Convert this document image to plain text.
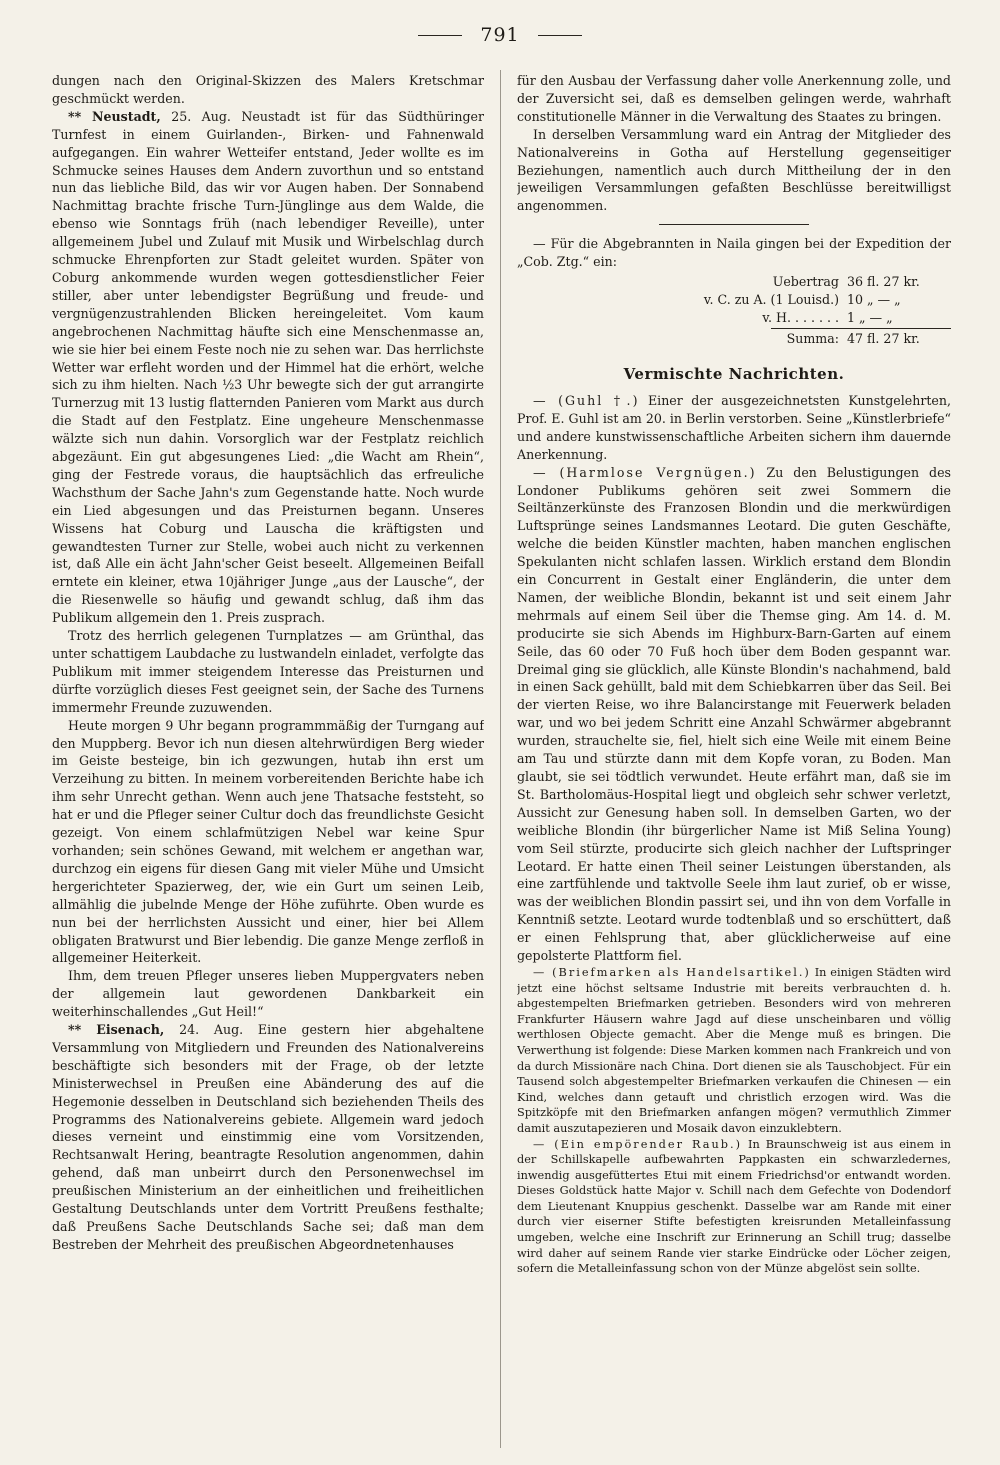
791

dungen nach den Original-Skizzen des Malers Kretschmar geschmückt werden.

** Neustadt, 25. Aug. Neustadt ist für das Südthüringer Turnfest in einem Guirlanden-, Birken- und Fahnenwald aufgegangen. Ein wahrer Wetteifer entstand, Jeder wollte es im Schmucke seines Hauses dem Andern zuvorthun und so entstand nun das liebliche Bild, das wir vor Augen haben. Der Sonnabend Nachmittag brachte frische Turn-Jünglinge aus dem Walde, die ebenso wie Sonntags früh (nach lebendiger Reveille), unter allgemeinem Jubel und Zulauf mit Musik und Wirbelschlag durch schmucke Ehrenpforten zur Stadt geleitet wurden. Später von Coburg ankommende wurden wegen gottesdienstlicher Feier stiller, aber unter lebendigster Begrüßung und freude- und vergnügenzustrahlenden Blicken hereingeleitet. Vom kaum angebrochenen Nachmittag häufte sich eine Menschenmasse an, wie sie hier bei einem Feste noch nie zu sehen war. Das herrlichste Wetter war erfleht worden und der Himmel hat die erhört, welche sich zu ihm hielten. Nach ½3 Uhr bewegte sich der gut arrangirte Turnerzug mit 13 lustig flatternden Panieren vom Markt aus durch die Stadt auf den Festplatz. Eine ungeheure Menschenmasse wälzte sich nun dahin. Vorsorglich war der Festplatz reichlich abgezäunt. Ein gut abgesungenes Lied: „die Wacht am Rhein“, ging der Festrede voraus, die hauptsächlich das erfreuliche Wachsthum der Sache Jahn's zum Gegenstande hatte. Noch wurde ein Lied abgesungen und das Preisturnen begann. Unseres Wissens hat Coburg und Lauscha die kräftigsten und gewandtesten Turner zur Stelle, wobei auch nicht zu verkennen ist, daß Alle ein ächt Jahn'scher Geist beseelt. Allgemeinen Beifall erntete ein kleiner, etwa 10jähriger Junge „aus der Lausche“, der die Riesenwelle so häufig und gewandt schlug, daß ihm das Publikum allgemein den 1. Preis zusprach.

Trotz des herrlich gelegenen Turnplatzes — am Grünthal, das unter schattigem Laubdache zu lustwandeln einladet, verfolgte das Publikum mit immer steigendem Interesse das Preisturnen und dürfte vorzüglich dieses Fest geeignet sein, der Sache des Turnens immermehr Freunde zuzuwenden.

Heute morgen 9 Uhr begann programmmäßig der Turngang auf den Muppberg. Bevor ich nun diesen altehrwürdigen Berg wieder im Geiste besteige, bin ich gezwungen, hutab ihn erst um Verzeihung zu bitten. In meinem vorbereitenden Berichte habe ich ihm sehr Unrecht gethan. Wenn auch jene Thatsache feststeht, so hat er und die Pfleger seiner Cultur doch das freundlichste Gesicht gezeigt. Von einem schlafmützigen Nebel war keine Spur vorhanden; sein schönes Gewand, mit welchem er angethan war, durchzog ein eigens für diesen Gang mit vieler Mühe und Umsicht hergerichteter Spazierweg, der, wie ein Gurt um seinen Leib, allmählig die jubelnde Menge der Höhe zuführte. Oben wurde es nun bei der herrlichsten Aussicht und einer, hier bei Allem obligaten Bratwurst und Bier lebendig. Die ganze Menge zerfloß in allgemeiner Heiterkeit.

Ihm, dem treuen Pfleger unseres lieben Muppergvaters neben der allgemein laut gewordenen Dankbarkeit ein weiterhinschallendes „Gut Heil!“

** Eisenach, 24. Aug. Eine gestern hier abgehaltene Versammlung von Mitgliedern und Freunden des Nationalvereins beschäftigte sich besonders mit der Frage, ob der letzte Ministerwechsel in Preußen eine Abänderung des auf die Hegemonie desselben in Deutschland sich beziehenden Theils des Programms des Nationalvereins gebiete. Allgemein ward jedoch dieses verneint und einstimmig eine vom Vorsitzenden, Rechtsanwalt Hering, beantragte Resolution angenommen, dahin gehend, daß man unbeirrt durch den Personenwechsel im preußischen Ministerium an der einheitlichen und freiheitlichen Gestaltung Deutschlands unter dem Vortritt Preußens festhalte; daß Preußens Sache Deutschlands Sache sei; daß man dem Bestreben der Mehrheit des preußischen Abgeordnetenhauses

für den Ausbau der Verfassung daher volle Anerkennung zolle, und der Zuversicht sei, daß es demselben gelingen werde, wahrhaft constitutionelle Männer in die Verwaltung des Staates zu bringen.

In derselben Versammlung ward ein Antrag der Mitglieder des Nationalvereins in Gotha auf Herstellung gegenseitiger Beziehungen, namentlich auch durch Mittheilung der in den jeweiligen Versammlungen gefaßten Beschlüsse bereitwilligst angenommen.

— Für die Abgebrannten in Naila gingen bei der Expedition der „Cob. Ztg.“ ein:

Uebertrag 36 fl. 27 kr.
v. C. zu A. (1 Louisd.) 10 „ — „
v. H. . . . . . . 1 „ — „
Summa: 47 fl. 27 kr.
Vermischte Nachrichten.

— (Guhl †.) Einer der ausgezeichnetsten Kunstgelehrten, Prof. E. Guhl ist am 20. in Berlin verstorben. Seine „Künstlerbriefe“ und andere kunstwissenschaftliche Arbeiten sichern ihm dauernde Anerkennung.

— (Harmlose Vergnügen.) Zu den Belustigungen des Londoner Publikums gehören seit zwei Sommern die Seiltänzerkünste des Franzosen Blondin und die merkwürdigen Luftsprünge seines Landsmannes Leotard. Die guten Geschäfte, welche die beiden Künstler machten, haben manchen englischen Spekulanten nicht schlafen lassen. Wirklich erstand dem Blondin ein Concurrent in Gestalt einer Engländerin, die unter dem Namen, der weibliche Blondin, bekannt ist und seit einem Jahr mehrmals auf einem Seil über die Themse ging. Am 14. d. M. producirte sie sich Abends im Highburx-Barn-Garten auf einem Seile, das 60 oder 70 Fuß hoch über dem Boden gespannt war. Dreimal ging sie glücklich, alle Künste Blondin's nachahmend, bald in einen Sack gehüllt, bald mit dem Schiebkarren über das Seil. Bei der vierten Reise, wo ihre Balancirstange mit Feuerwerk beladen war, und wo bei jedem Schritt eine Anzahl Schwärmer abgebrannt wurden, strauchelte sie, fiel, hielt sich eine Weile mit einem Beine am Tau und stürzte dann mit dem Kopfe voran, zu Boden. Man glaubt, sie sei tödtlich verwundet. Heute erfährt man, daß sie im St. Bartholomäus-Hospital liegt und obgleich sehr schwer verletzt, Aussicht zur Genesung haben soll. In demselben Garten, wo der weibliche Blondin (ihr bürgerlicher Name ist Miß Selina Young) vom Seil stürzte, producirte sich gleich nachher der Luftspringer Leotard. Er hatte einen Theil seiner Leistungen überstanden, als eine zartfühlende und taktvolle Seele ihm laut zurief, ob er wisse, was der weiblichen Blondin passirt sei, und ihn von dem Vorfalle in Kenntniß setzte. Leotard wurde todtenblaß und so erschüttert, daß er einen Fehlsprung that, aber glücklicherweise auf eine gepolsterte Plattform fiel.

— (Briefmarken als Handelsartikel.) In einigen Städten wird jetzt eine höchst seltsame Industrie mit bereits verbrauchten d. h. abgestempelten Briefmarken getrieben. Besonders wird von mehreren Frankfurter Häusern wahre Jagd auf diese unscheinbaren und völlig werthlosen Objecte gemacht. Aber die Menge muß es bringen. Die Verwerthung ist folgende: Diese Marken kommen nach Frankreich und von da durch Missionäre nach China. Dort dienen sie als Tauschobject. Für ein Tausend solch abgestempelter Briefmarken verkaufen die Chinesen — ein Kind, welches dann getauft und christlich erzogen wird. Was die Spitzköpfe mit den Briefmarken anfangen mögen? vermuthlich Zimmer damit auszutapezieren und Mosaik davon einzuklebtern.

— (Ein empörender Raub.) In Braunschweig ist aus einem in der Schillskapelle aufbewahrten Pappkasten ein schwarzledernes, inwendig ausgefüttertes Etui mit einem Friedrichsd'or entwandt worden. Dieses Goldstück hatte Major v. Schill nach dem Gefechte von Dodendorf dem Lieutenant Knuppius geschenkt. Dasselbe war am Rande mit einer durch vier eiserner Stifte befestigten kreisrunden Metalleinfassung umgeben, welche eine Inschrift zur Erinnerung an Schill trug; dasselbe wird daher auf seinem Rande vier starke Eindrücke oder Löcher zeigen, sofern die Metalleinfassung schon von der Münze abgelöst sein sollte.
